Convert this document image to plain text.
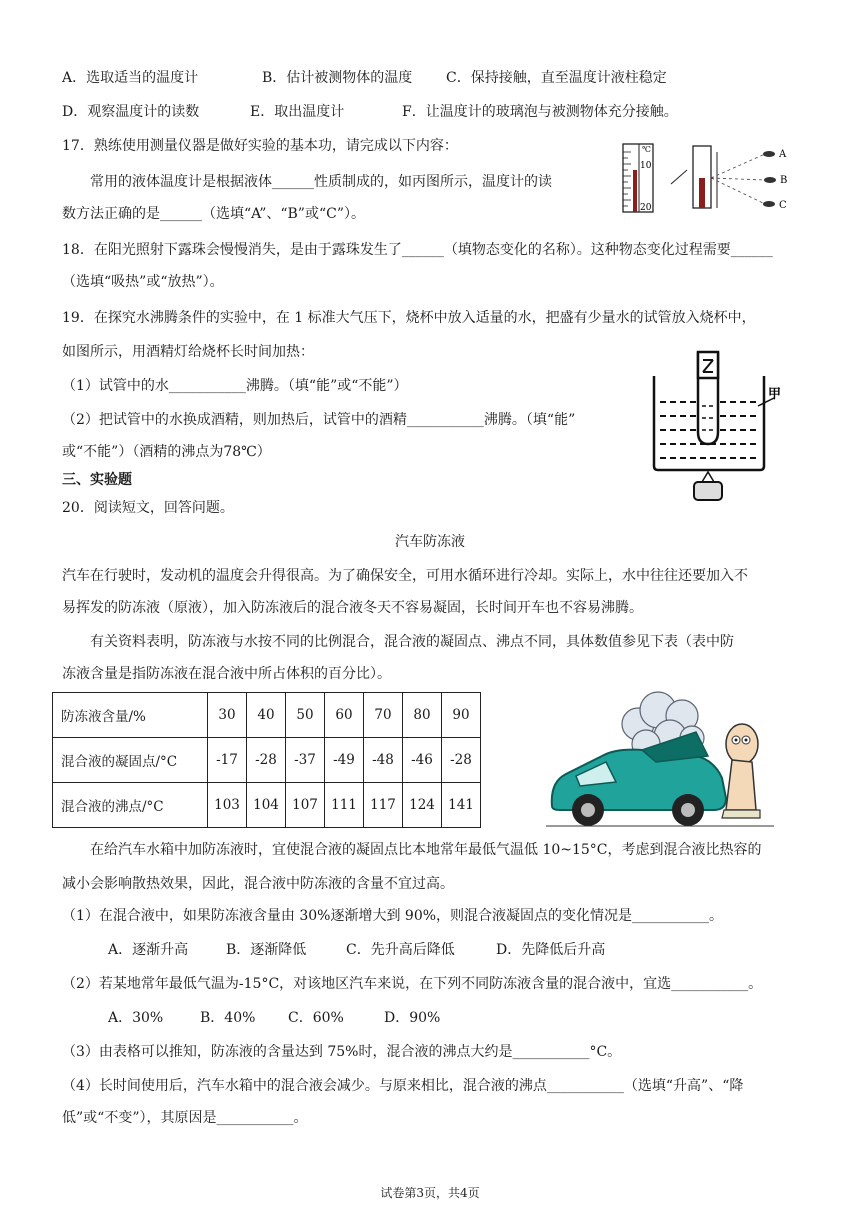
A．选取适当的温度计	B．估计被测物体的温度 C．保持接触，直至温度计液柱稳定
D．观察温度计的读数	E．取出温度计	F．让温度计的玻璃泡与被测物体充分接触。
17．熟练使用测量仪器是做好实验的基本功，请完成以下内容：
常用的液体温度计是根据液体______性质制成的，如丙图所示，温度计的读
数方法正确的是______（选填“A”、“B”或“C”）。
℃
10
20
A
B
C
18．在阳光照射下露珠会慢慢消失，是由于露珠发生了______（填物态变化的名称）。这种物态变化过程需要______
（选填“吸热”或“放热”）。
19．在探究水沸腾条件的实验中，在 1 标准大气压下，烧杯中放入适量的水，把盛有少量水的试管放入烧杯中，
如图所示，用酒精灯给烧杯长时间加热：
（1）试管中的水___________沸腾。（填“能”或“不能”）
（2）把试管中的水换成酒精，则加热后，试管中的酒精___________沸腾。（填“能”
或“不能”）（酒精的沸点为78℃）
甲
三、实验题
20．阅读短文，回答问题。
汽车防冻液
汽车在行驶时，发动机的温度会升得很高。为了确保安全，可用水循环进行冷却。实际上，水中往往还要加入不
易挥发的防冻液（原液），加入防冻液后的混合液冬天不容易凝固，长时间开车也不容易沸腾。
有关资料表明，防冻液与水按不同的比例混合，混合液的凝固点、沸点不同，具体数值参见下表（表中防
冻液含量是指防冻液在混合液中所占体积的百分比）。
防冻液含量/%	30	40	50	60	70	80	90
混合液的凝固点/°C	-17	-28	-37	-49	-48	-46	-28
混合液的沸点/°C	103	104	107	111	117	124	141
在给汽车水箱中加防冻液时，宜使混合液的凝固点比本地常年最低气温低 10~15°C，考虑到混合液比热容的
减小会影响散热效果，因此，混合液中防冻液的含量不宜过高。
（1）在混合液中，如果防冻液含量由 30%逐渐增大到 90%，则混合液凝固点的变化情况是___________。
A．逐渐升高	B．逐渐降低	C．先升高后降低	D．先降低后升高
（2）若某地常年最低气温为-15°C，对该地区汽车来说，在下列不同防冻液含量的混合液中，宜选___________。
A．30%	B．40% C．60%	D．90%
（3）由表格可以推知，防冻液的含量达到 75%时，混合液的沸点大约是___________°C。
（4）长时间使用后，汽车水箱中的混合液会减少。与原来相比，混合液的沸点___________（选填“升高”、“降
低”或“不变”），其原因是___________。
试卷第3页，共4页
